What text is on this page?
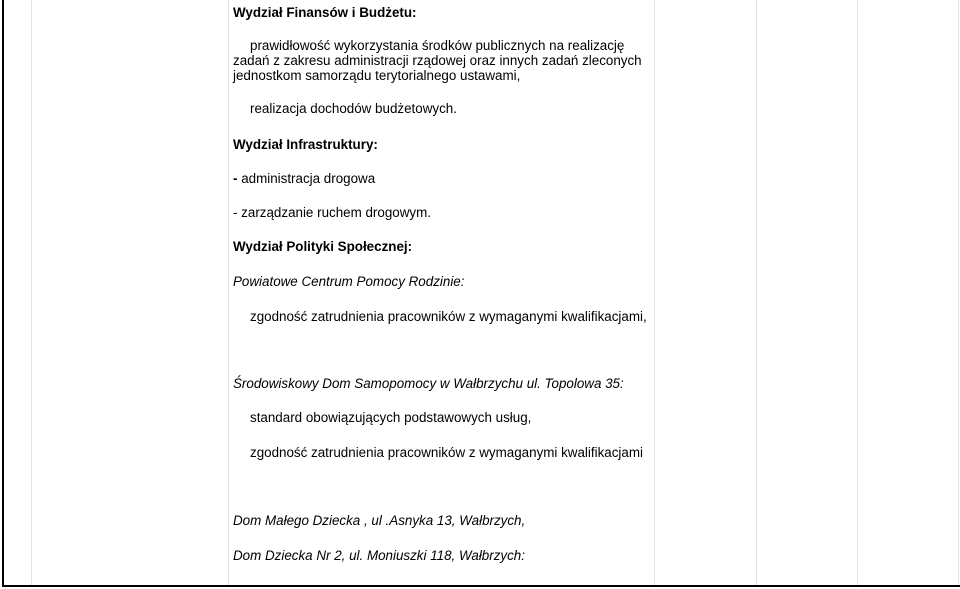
Wydział Finansów i Budżetu:
prawidłowość wykorzystania środków publicznych na realizację
zadań z zakresu administracji rządowej oraz innych zadań zleconych
jednostkom samorządu terytorialnego ustawami,
realizacja dochodów budżetowych.
Wydział Infrastruktury:
- administracja drogowa
- zarządzanie ruchem drogowym.
Wydział Polityki Społecznej:
Powiatowe Centrum Pomocy Rodzinie:
zgodność zatrudnienia pracowników z wymaganymi kwalifikacjami,
Środowiskowy Dom Samopomocy w Wałbrzychu ul. Topolowa 35:
standard obowiązujących podstawowych usług,
zgodność zatrudnienia pracowników z wymaganymi kwalifikacjami
Dom Małego Dziecka , ul .Asnyka 13, Wałbrzych,
Dom Dziecka Nr 2, ul. Moniuszki 118, Wałbrzych:
